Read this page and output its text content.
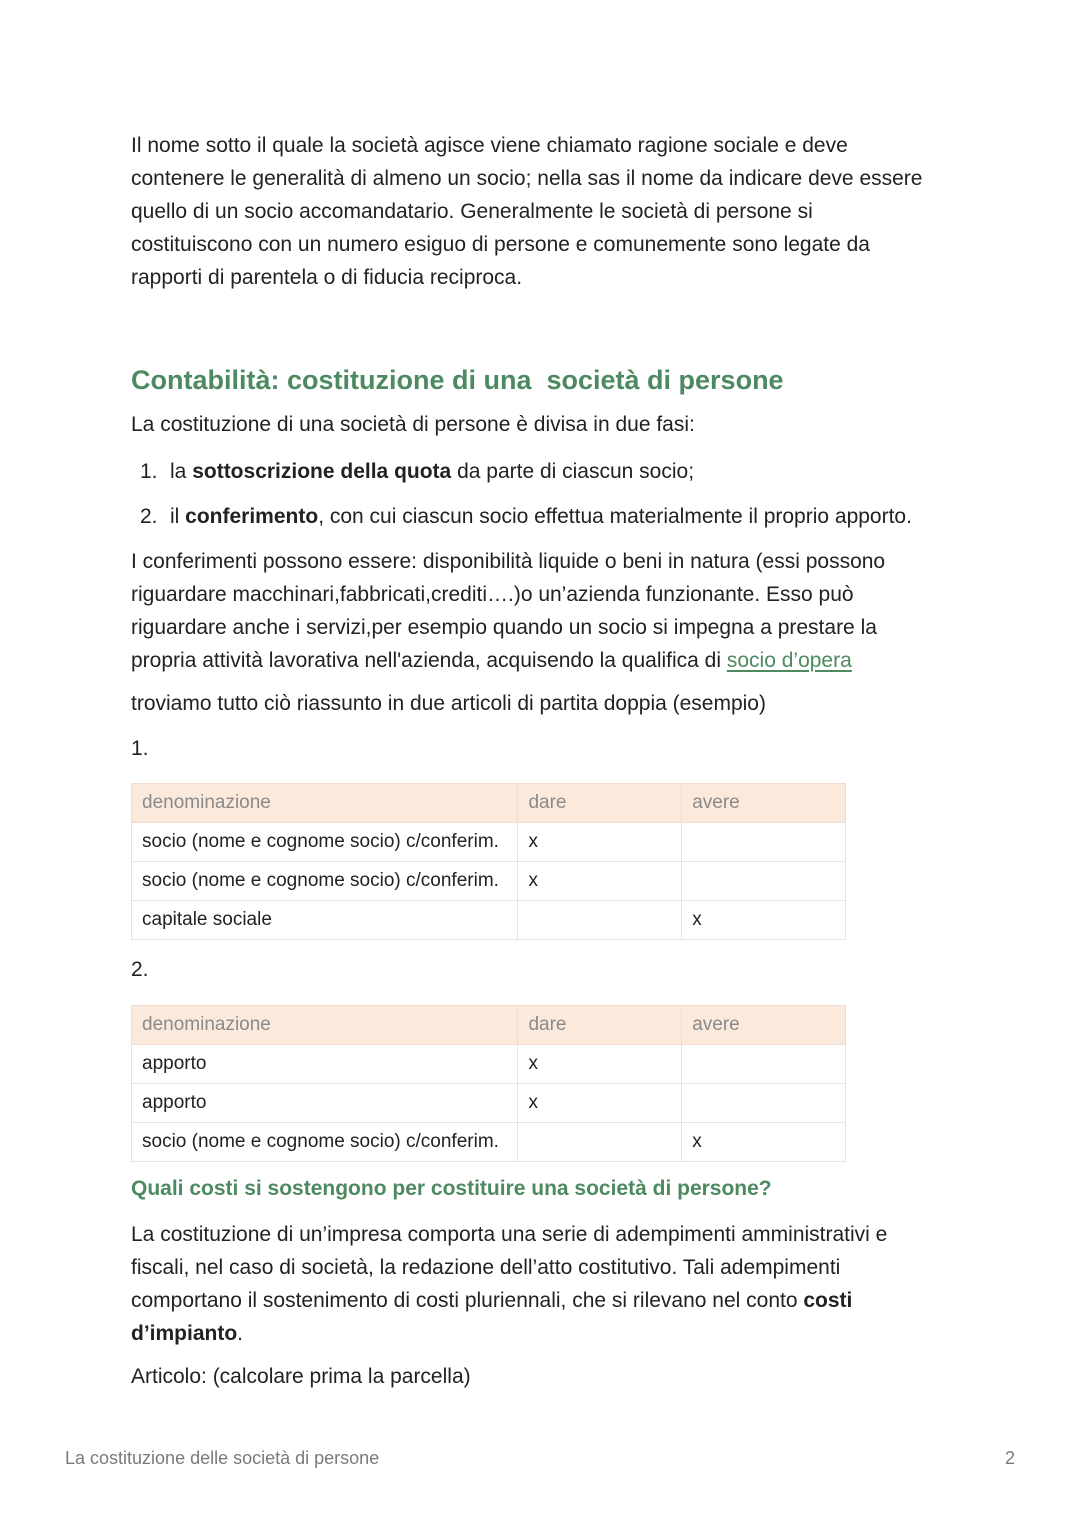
Il nome sotto il quale la società agisce viene chiamato ragione sociale e deve contenere le generalità di almeno un socio; nella sas il nome da indicare deve essere quello di un socio accomandatario. Generalmente le società di persone si costituiscono con un numero esiguo di persone e comunemente sono legate da rapporti di parentela o di fiducia reciproca.

Contabilità: costituzione di una  società di persone

La costituzione di una società di persone è divisa in due fasi:

1. la sottoscrizione della quota da parte di ciascun socio;
2. il conferimento, con cui ciascun socio effettua materialmente il proprio apporto.

I conferimenti possono essere: disponibilità liquide o beni in natura (essi possono riguardare macchinari,fabbricati,crediti….)o un’azienda funzionante. Esso può riguardare anche i servizi,per esempio quando un socio si impegna a prestare la propria attività lavorativa nell'azienda, acquisendo la qualifica di socio d’opera

troviamo tutto ciò riassunto in due articoli di partita doppia (esempio)

1.
denominazione	dare	avere
socio (nome e cognome socio) c/conferim.	x	
socio (nome e cognome socio) c/conferim.	x	
capitale sociale		x
2.
denominazione	dare	avere
apporto	x	
apporto	x	
socio (nome e cognome socio) c/conferim.		x
Quali costi si sostengono per costituire una società di persone?

La costituzione di un’impresa comporta una serie di adempimenti amministrativi e fiscali, nel caso di società, la redazione dell’atto costitutivo. Tali adempimenti comportano il sostenimento di costi pluriennali, che si rilevano nel conto costi d’impianto.

Articolo: (calcolare prima la parcella)

La costituzione delle società di persone	2
